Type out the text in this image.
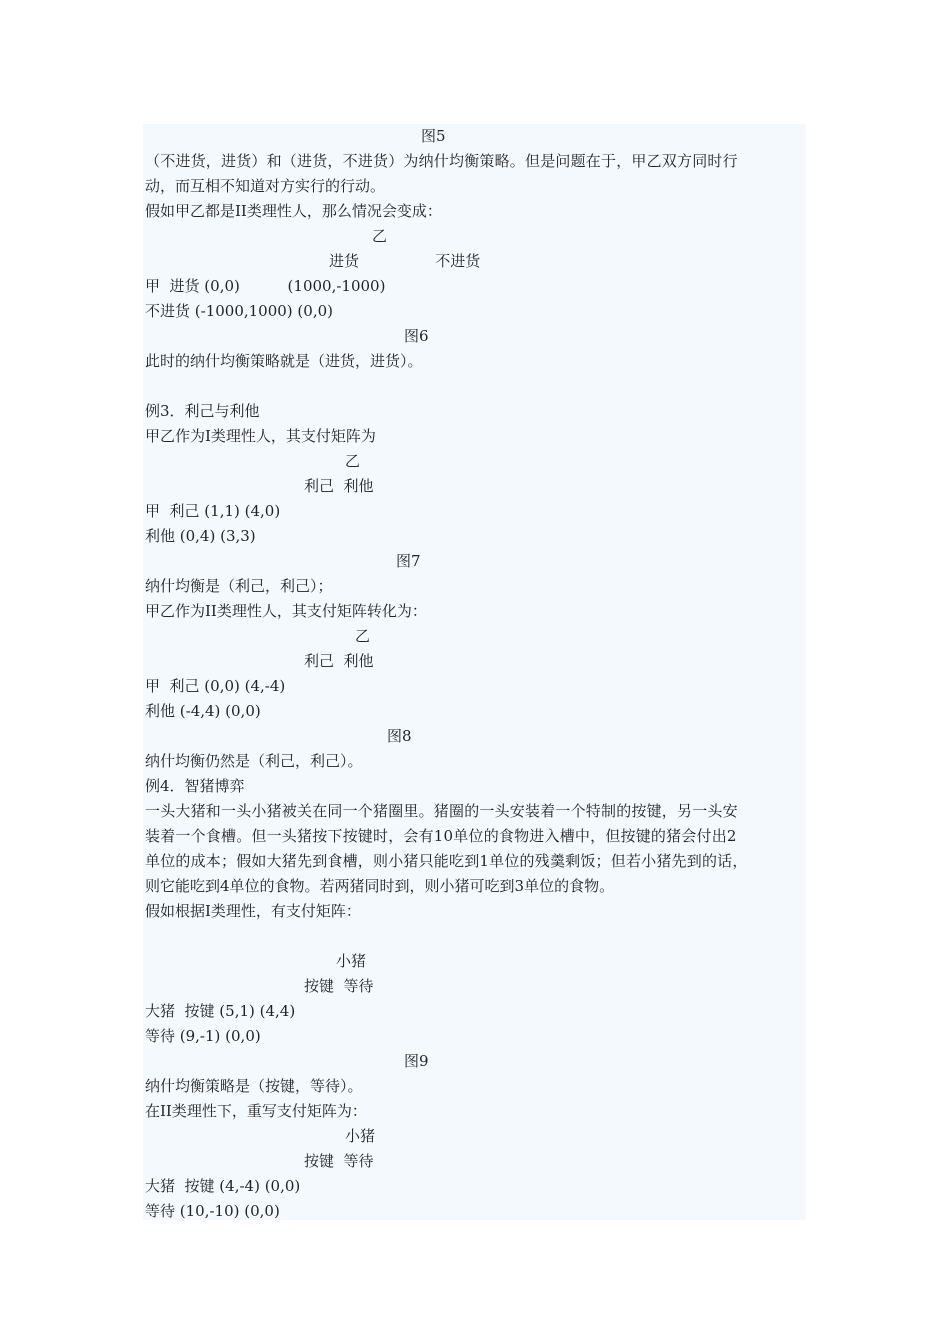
图5
（不进货，进货）和（进货，不进货）为纳什均衡策略。但是问题在于，甲乙双方同时行
动，而互相不知道对方实行的行动。
假如甲乙都是II类理性人，那么情况会变成：
乙
进货                不进货
甲  进货 (0,0)          (1000,-1000)
不进货 (-1000,1000) (0,0)
图6
此时的纳什均衡策略就是（进货，进货）。
例3．利己与利他
甲乙作为I类理性人，其支付矩阵为
乙
利己  利他
甲  利己 (1,1) (4,0)
利他 (0,4) (3,3)
图7
纳什均衡是（利己，利己）；
甲乙作为II类理性人，其支付矩阵转化为：
乙
利己  利他
甲  利己 (0,0) (4,-4)
利他 (-4,4) (0,0)
图8
纳什均衡仍然是（利己，利己）。
例4．智猪博弈
一头大猪和一头小猪被关在同一个猪圈里。猪圈的一头安装着一个特制的按键，另一头安
装着一个食槽。但一头猪按下按键时，会有10单位的食物进入槽中，但按键的猪会付出2
单位的成本；假如大猪先到食槽，则小猪只能吃到1单位的残羹剩饭；但若小猪先到的话，
则它能吃到4单位的食物。若两猪同时到，则小猪可吃到3单位的食物。
假如根据I类理性，有支付矩阵：
小猪
按键  等待
大猪  按键 (5,1) (4,4)
等待 (9,-1) (0,0)
图9
纳什均衡策略是（按键，等待）。
在II类理性下，重写支付矩阵为：
小猪
按键  等待
大猪  按键 (4,-4) (0,0)
等待 (10,-10) (0,0)
